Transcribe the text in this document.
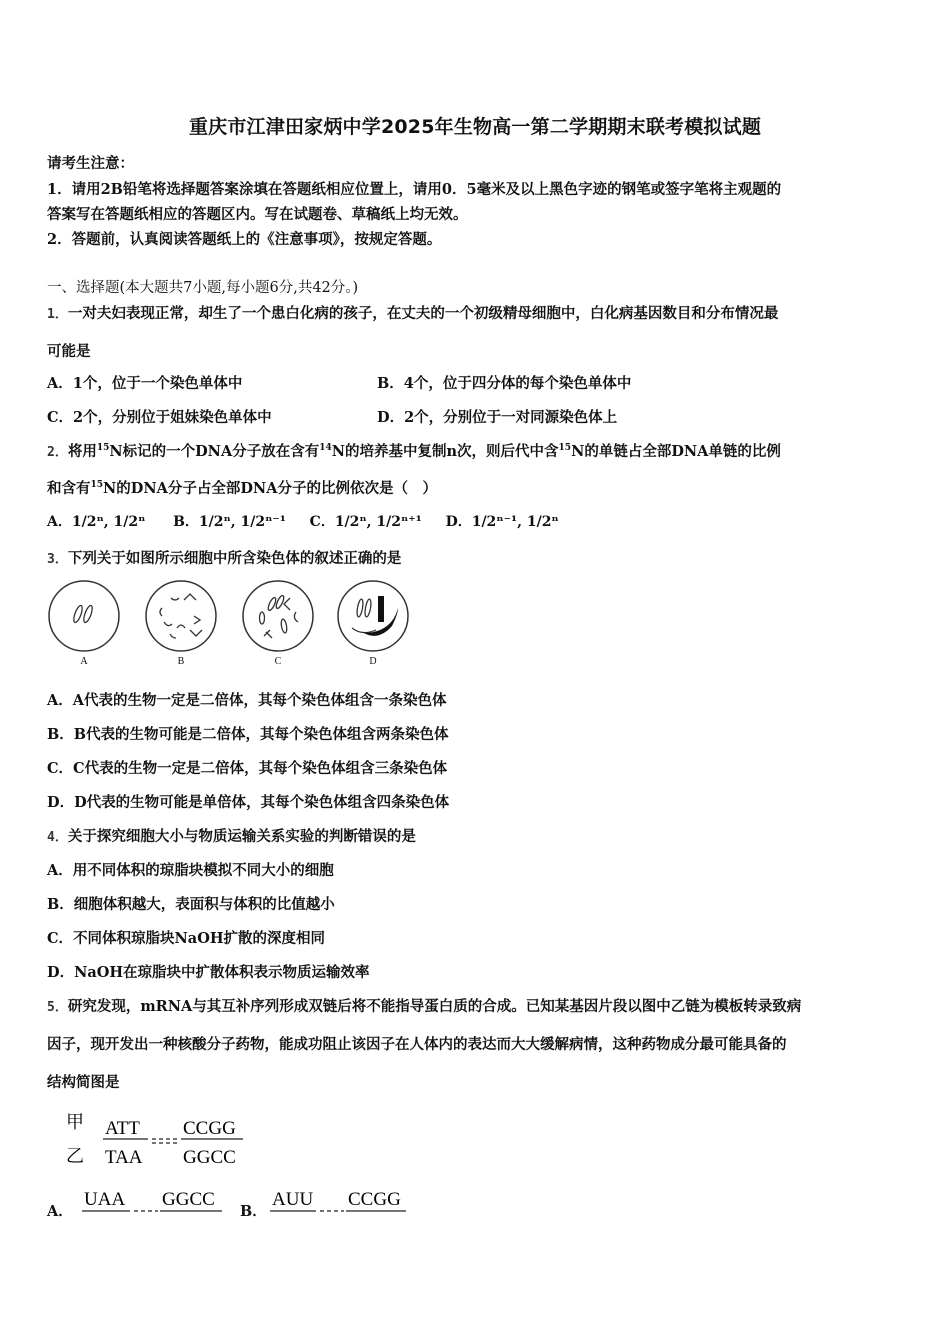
重庆市江津田家炳中学2025年生物高一第二学期期末联考模拟试题
请考生注意：
1．请用2B铅笔将选择题答案涂填在答题纸相应位置上，请用0．5毫米及以上黑色字迹的钢笔或签字笔将主观题的
答案写在答题纸相应的答题区内。写在试题卷、草稿纸上均无效。
2．答题前，认真阅读答题纸上的《注意事项》，按规定答题。
一、选择题(本大题共7小题,每小题6分,共42分。)
1．一对夫妇表现正常，却生了一个患白化病的孩子，在丈夫的一个初级精母细胞中，白化病基因数目和分布情况最
可能是
A．1个，位于一个染色单体中	B．4个，位于四分体的每个染色单体中
C．2个，分别位于姐妹染色单体中	D．2个，分别位于一对同源染色体上
2．将用$^{15}$N标记的一个DNA分子放在含有$^{14}$N的培养基中复制n次，则后代中含$^{15}$N的单链占全部DNA单链的比例
和含有$^{15}$N的DNA分子占全部DNA分子的比例依次是（　）
A．1/2ⁿ, 1/2ⁿ B．1/2ⁿ, 1/2ⁿ⁻¹ C．1/2ⁿ, 1/2ⁿ⁺¹ D．1/2ⁿ⁻¹, 1/2ⁿ
3．下列关于如图所示细胞中所含染色体的叙述正确的是
A	B	C	D
A．A代表的生物一定是二倍体，其每个染色体组含一条染色体
B．B代表的生物可能是二倍体，其每个染色体组含两条染色体
C．C代表的生物一定是二倍体，其每个染色体组含三条染色体
D．D代表的生物可能是单倍体，其每个染色体组含四条染色体
4．关于探究细胞大小与物质运输关系实验的判断错误的是
A．用不同体积的琼脂块模拟不同大小的细胞
B．细胞体积越大，表面积与体积的比值越小
C．不同体积琼脂块NaOH扩散的深度相同
D．NaOH在琼脂块中扩散体积表示物质运输效率
5．研究发现，mRNA与其互补序列形成双链后将不能指导蛋白质的合成。已知某基因片段以图中乙链为模板转录致病
因子，现开发出一种核酸分子药物，能成功阻止该因子在人体内的表达而大大缓解病情，这种药物成分最可能具备的
结构简图是
甲
乙
ATT CCGG
TAA GGCC
A．
UAA GGCC
B．
AUU CCGG
